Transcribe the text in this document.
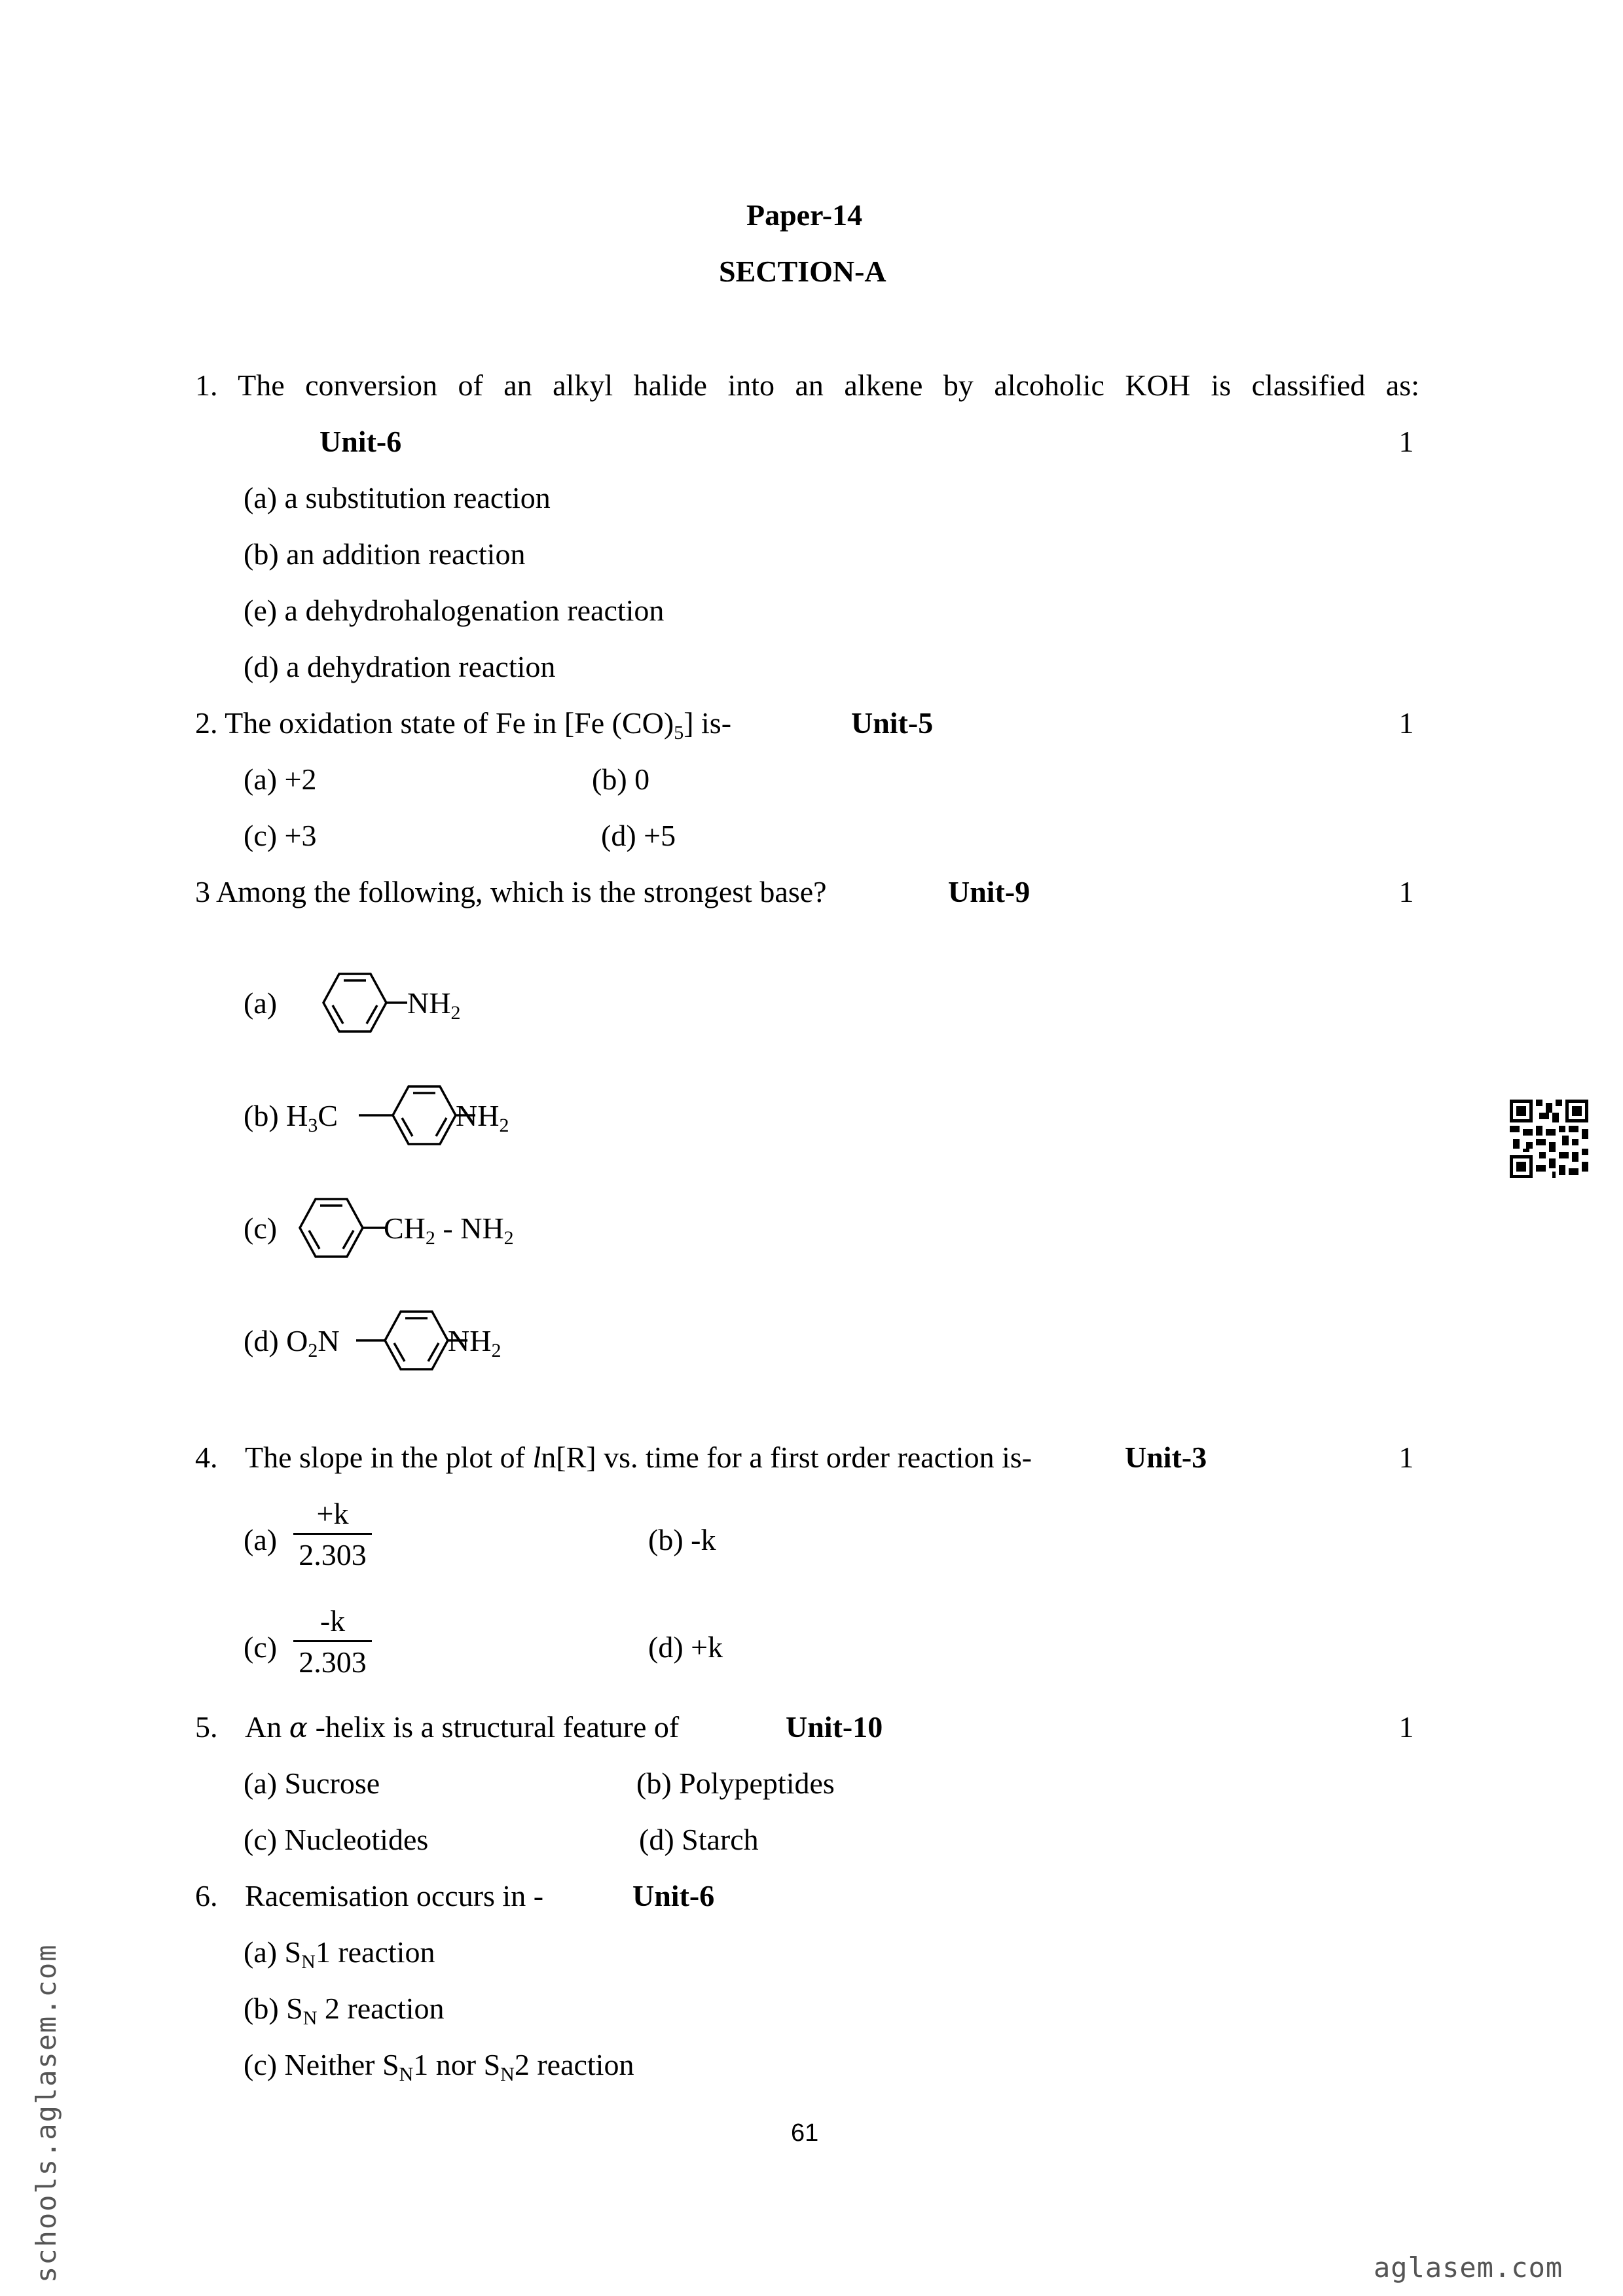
Paper-14
SECTION-A
1. The conversion of an alkyl halide into an alkene by alcoholic KOH is classified as:
Unit-6	1
(a) a substitution reaction
(b) an addition reaction
(e) a dehydrohalogenation reaction
(d) a dehydration reaction
2. The oxidation state of Fe in [Fe $(CO)_5$] is-	Unit-5	1
(a) +2	(b) 0
(c) +3	(d) +5
3 Among the following, which is the strongest base?	Unit-9	1
(a)	$NH_2$
(b) $H_3C$	$NH_2$
(c)	$CH_2 - NH_2$
(d) $O_2N$	$NH_2$
4. The slope in the plot of ln[R] vs. time for a first order reaction is-	Unit-3	1
$(a) \frac{+k}{2.303}$	(b) -k
$(c) \frac{-k}{2.303}$	(d) +k
5. An α -helix is a structural feature of	Unit-10	1
(a) Sucrose	(b) Polypeptides
(c) Nucleotides	(d) Starch
6. Racemisation occurs in -	Unit-6
(a) $S_N1$ reaction
(b) $S_N$ 2 reaction
(c) Neither $S_N1$ nor $S_N2$ reaction
61
schools.aglasem.com	aglasem.com
